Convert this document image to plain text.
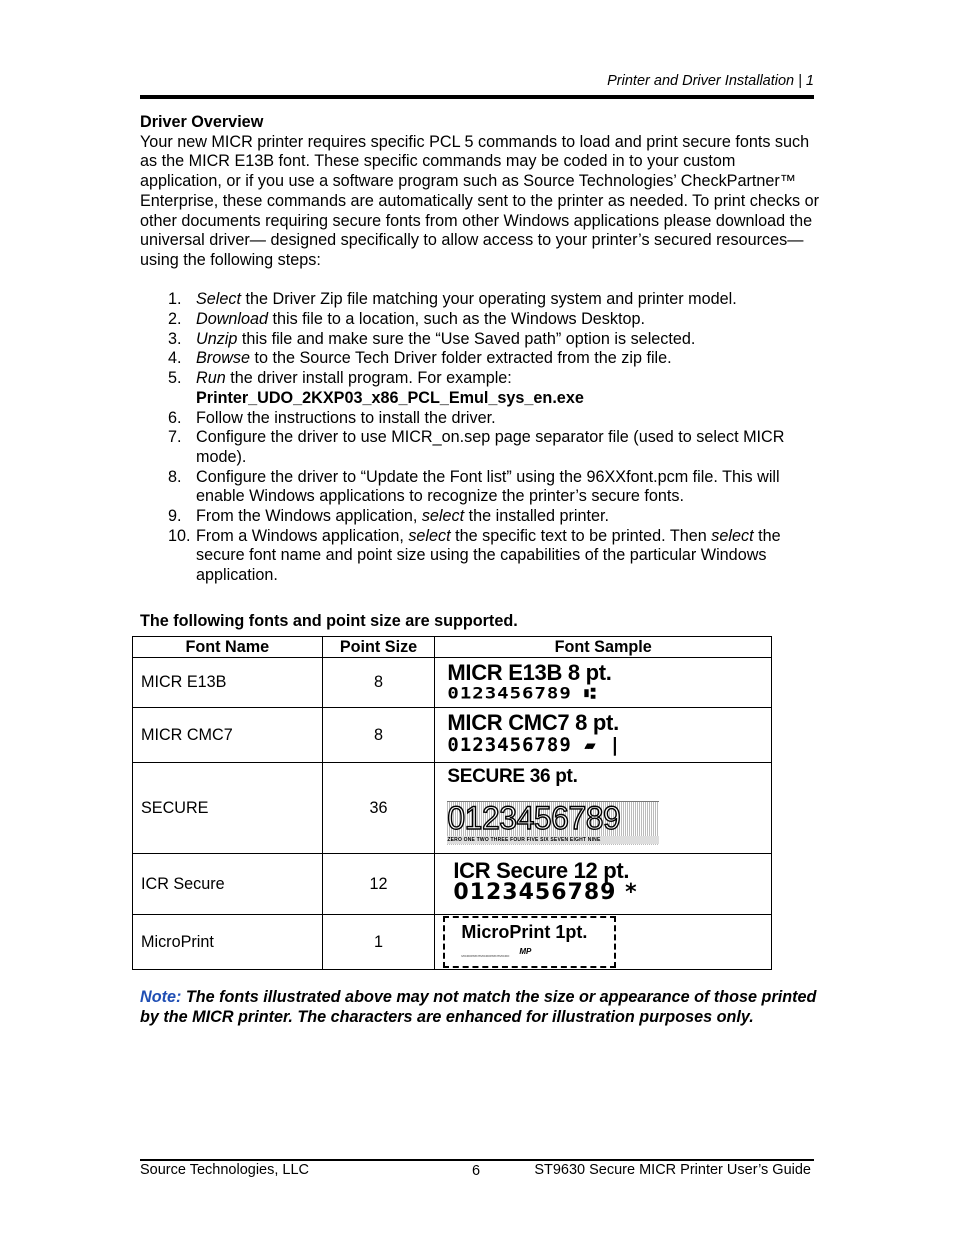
Printer and Driver Installation | 1
Driver Overview

Your new MICR printer requires specific PCL 5 commands to load and print secure fonts such as the MICR E13B font. These specific commands may be coded in to your custom application, or if you use a software program such as Source Technologies’ CheckPartner™ Enterprise, these commands are automatically sent to the printer as needed. To print checks or other documents requiring secure fonts from other Windows applications please download the universal driver— designed specifically to allow access to your printer’s secured resources—using the following steps:

1. Select the Driver Zip file matching your operating system and printer model.
2. Download this file to a location, such as the Windows Desktop.
3. Unzip this file and make sure the “Use Saved path” option is selected.
4. Browse to the Source Tech Driver folder extracted from the zip file.
5. Run the driver install program. For example:
Printer_UDO_2KXP03_x86_PCL_Emul_sys_en.exe
6. Follow the instructions to install the driver.
7. Configure the driver to use MICR_on.sep page separator file (used to select MICR mode).
8. Configure the driver to “Update the Font list” using the 96XXfont.pcm file. This will enable Windows applications to recognize the printer’s secure fonts.
9. From the Windows application, select the installed printer.
10. From a Windows application, select the specific text to be printed. Then select the secure font name and point size using the capabilities of the particular Windows application.
The following fonts and point size are supported.
Font Name	Point Size	Font Sample
MICR E13B	8	MICR E13B 8 pt.
0123456789 ⑆

MICR CMC7	8	MICR CMC7 8 pt.
0123456789 ▰ |

SECURE	36	SECURE 36 pt.
0123456789
ZERO ONE TWO THREE FOUR FIVE SIX SEVEN EIGHT NINE

ICR Secure	12	ICR Secure 12 pt.
0123456789 *

MicroPrint	1	MicroPrint 1pt.
MICROPRINTMICROPRINTMICRO MP

Note: The fonts illustrated above may not match the size or appearance of those printed by the MICR printer. The characters are enhanced for illustration purposes only.

Source Technologies, LLC	6	ST9630 Secure MICR Printer User’s Guide
